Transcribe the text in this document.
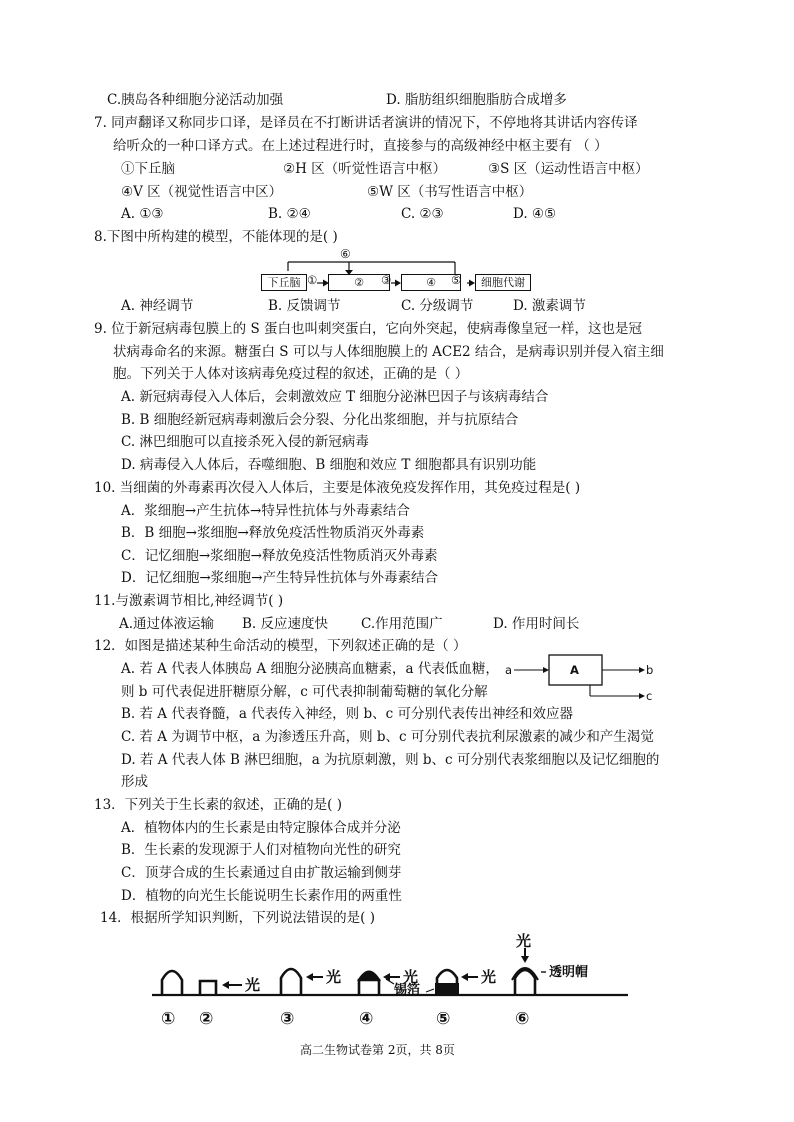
C.胰岛各种细胞分泌活动加强	D. 脂肪组织细胞脂肪合成增多
7. 同声翻译又称同步口译，是译员在不打断讲话者演讲的情况下，不停地将其讲话内容传译
给听众的一种口译方式。在上述过程进行时，直接参与的高级神经中枢主要有 （ ）
①下丘脑	②H 区（听觉性语言中枢）	③S 区（运动性语言中枢）
④V 区（视觉性语言中区）	⑤W 区（书写性语言中枢）
A. ①③	B. ②④	C. ②③	D. ④⑤
8.下图中所构建的模型，不能体现的是( )
⑥
下丘脑 ①	②	③	④	⑤	细胞代谢
A. 神经调节	B. 反馈调节	C. 分级调节	D. 激素调节
9. 位于新冠病毒包膜上的 S 蛋白也叫刺突蛋白，它向外突起，使病毒像皇冠一样，这也是冠
状病毒命名的来源。糖蛋白 S 可以与人体细胞膜上的 ACE2 结合，是病毒识别并侵入宿主细
胞。下列关于人体对该病毒免疫过程的叙述，正确的是（ ）
A. 新冠病毒侵入人体后，会刺激效应 T 细胞分泌淋巴因子与该病毒结合
B. B 细胞经新冠病毒刺激后会分裂、分化出浆细胞，并与抗原结合
C. 淋巴细胞可以直接杀死入侵的新冠病毒
D. 病毒侵入人体后，吞噬细胞、B 细胞和效应 T 细胞都具有识别功能
10. 当细菌的外毒素再次侵入人体后，主要是体液免疫发挥作用，其免疫过程是( )
A．浆细胞→产生抗体→特异性抗体与外毒素结合
B．B 细胞→浆细胞→释放免疫活性物质消灭外毒素
C．记忆细胞→浆细胞→释放免疫活性物质消灭外毒素
D．记忆细胞→浆细胞→产生特异性抗体与外毒素结合
11.与激素调节相比,神经调节( )
A.通过体液运输 B. 反应速度快 C.作用范围广	D. 作用时间长
12．如图是描述某种生命活动的模型，下列叙述正确的是（ ）
a	A	b
c
A. 若 A 代表人体胰岛 A 细胞分泌胰高血糖素，a 代表低血糖，
则 b 可代表促进肝糖原分解，c 可代表抑制葡萄糖的氧化分解
B. 若 A 代表脊髓，a 代表传入神经，则 b、c 可分别代表传出神经和效应器
C. 若 A 为调节中枢，a 为渗透压升高，则 b、c 可分别代表抗利尿激素的减少和产生渴觉
D. 若 A 代表人体 B 淋巴细胞，a 为抗原刺激，则 b、c 可分别代表浆细胞以及记忆细胞的
形成
13．下列关于生长素的叙述，正确的是( )
A．植物体内的生长素是由特定腺体合成并分泌
B．生长素的发现源于人们对植物向光性的研究
C．顶芽合成的生长素通过自由扩散运输到侧芽
D．植物的向光生长能说明生长素作用的两重性
14．根据所学知识判断，下列说法错误的是( )
光	光	光
锡箔
光
光
透明帽
① ②	③	④	⑤	⑥
高二生物试卷第 2页，共 8页
